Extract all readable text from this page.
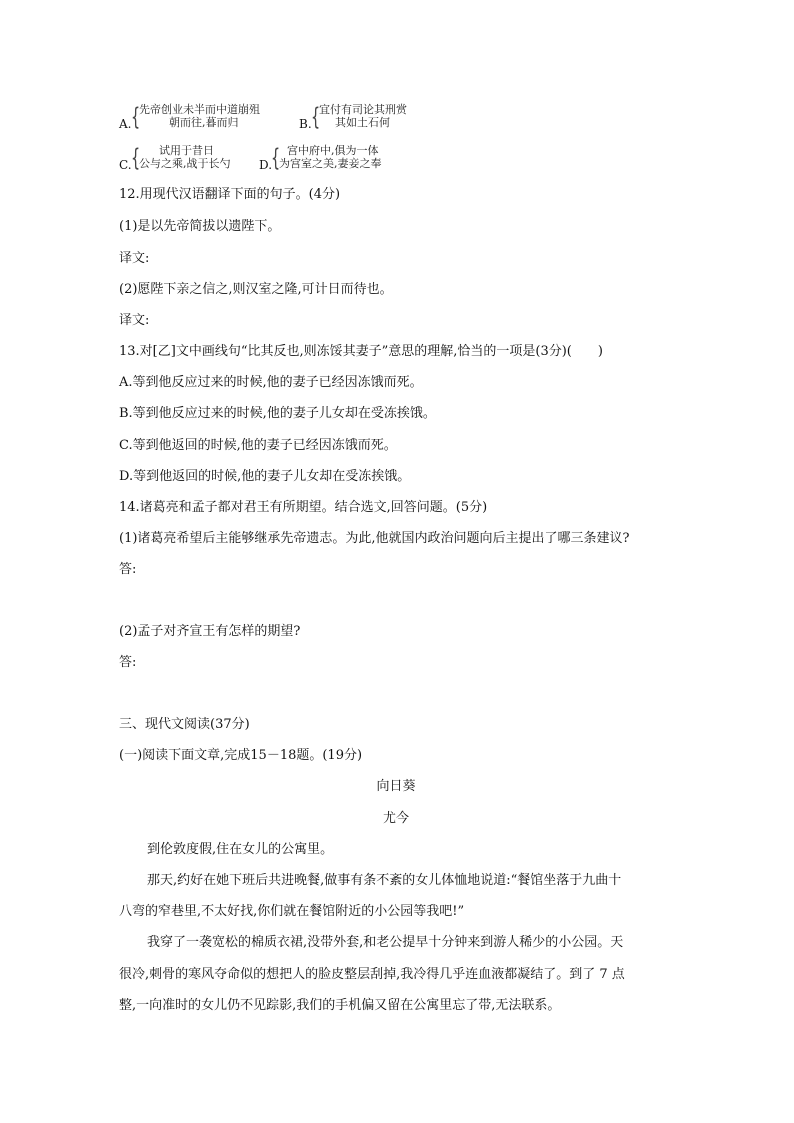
A. {
先帝创业未半而中道崩殂
朝而往,暮而归	B. {
宜付有司论其刑赏
其如土石何
C. { 试用于昔日
公与之乘,战于长勺 D.
{ 宫中府中,俱为一体
为宫室之美,妻妾之奉
12.用现代汉语翻译下面的句子。(4分)
(1)是以先帝简拔以遗陛下。
译文:
(2)愿陛下亲之信之,则汉室之隆,可计日而待也。
译文:
13.对[乙]文中画线句“比其反也,则冻馁其妻子”意思的理解,恰当的一项是(3分)(　　)
A.等到他反应过来的时候,他的妻子已经因冻饿而死。
B.等到他反应过来的时候,他的妻子儿女却在受冻挨饿。
C.等到他返回的时候,他的妻子已经因冻饿而死。
D.等到他返回的时候,他的妻子儿女却在受冻挨饿。
14.诸葛亮和孟子都对君王有所期望。结合选文,回答问题。(5分)
(1)诸葛亮希望后主能够继承先帝遗志。为此,他就国内政治问题向后主提出了哪三条建议?
答:
(2)孟子对齐宣王有怎样的期望?
答:
三、现代文阅读(37分)
(一)阅读下面文章,完成15－18题。(19分)
向日葵
尤今
到伦敦度假,住在女儿的公寓里。
那天,约好在她下班后共进晚餐,做事有条不紊的女儿体恤地说道:“餐馆坐落于九曲十
八弯的窄巷里,不太好找,你们就在餐馆附近的小公园等我吧!”
我穿了一袭宽松的棉质衣裙,没带外套,和老公提早十分钟来到游人稀少的小公园。天
很冷,刺骨的寒风夺命似的想把人的脸皮整层刮掉,我冷得几乎连血液都凝结了。到了 7 点
整,一向准时的女儿仍不见踪影,我们的手机偏又留在公寓里忘了带,无法联系。
